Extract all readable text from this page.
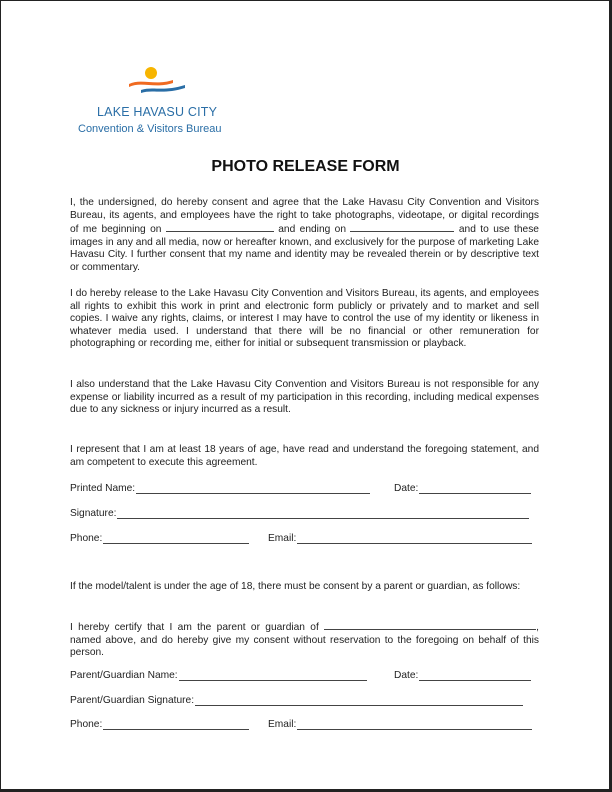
LAKE HAVASU CITY
Convention & Visitors Bureau
PHOTO RELEASE FORM
I, the undersigned, do hereby consent and agree that the Lake Havasu City Convention and Visitors Bureau, its agents, and employees have the right to take photographs, videotape, or digital recordings of me beginning on	and ending on	and to use these images in any and all media, now or hereafter known, and exclusively for the purpose of marketing Lake Havasu City. I further consent that my name and identity may be revealed therein or by descriptive text or commentary.
I do hereby release to the Lake Havasu City Convention and Visitors Bureau, its agents, and employees all rights to exhibit this work in print and electronic form publicly or privately and to market and sell copies. I waive any rights, claims, or interest I may have to control the use of my identity or likeness in whatever media used. I understand that there will be no financial or other remuneration for photographing or recording me, either for initial or subsequent transmission or playback.
I also understand that the Lake Havasu City Convention and Visitors Bureau is not responsible for any expense or liability incurred as a result of my participation in this recording, including medical expenses due to any sickness or injury incurred as a result.
I represent that I am at least 18 years of age, have read and understand the foregoing statement, and am competent to execute this agreement.
Printed Name:	Date:
Signature:
Phone:	Email:
If the model/talent is under the age of 18, there must be consent by a parent or guardian, as follows:
I hereby certify that I am the parent or guardian of	, named above, and do hereby give my consent without reservation to the foregoing on behalf of this person.
Parent/Guardian Name:	Date:
Parent/Guardian Signature:
Phone:	Email:
